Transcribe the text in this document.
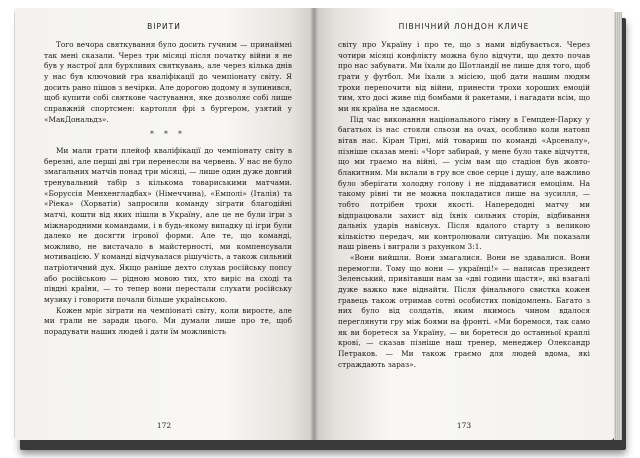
ВІРИТИ

Того вечора святкування було досить гучним — принаймні так мені сказали. Через три місяці після початку війни я не був у настрої для бурхливих святкувань, але через кілька днів у нас був ключовий гра кваліфікації до чемпіонату світу. Я досить рано пішов з вечірки. Але дорогою додому я зупинився, щоб купити собі святкове частування, яке дозволяє собі лише справжній спортсмен: картопля фрі з бургером, узятий у «МакДональдз».

* * *

Ми мали грати плейоф кваліфікації до чемпіонату світу в березні, але перші дві гри перенесли на червень. У нас не було змагальних матчів понад три місяці, — лише один дуже довгий тренувальний табір з кількома товариськими матчами. «Боруссія Менхенгладбах» (Німеччина), «Емполі» (Італія) та «Ріека» (Хорватія) запросили команду зіграти благодійні матчі, кошти від яких пішли в Україну, але це не були ігри з міжнародними командами, і в будь-якому випадку ці ігри були далеко не досягти ігрової форми. Але те, що команді, можливо, не вистачало в майстерності, ми компенсували мотивацією. У команді відчувалася рішучість, а також сильний патріотичний дух. Якщо раніше дехто слухав російську попсу або російською — рідною мовою тих, хто виріс на сході та півдні країни, — то тепер вони перестали слухати російську музику і говорити почали більше українською.

Кожен мріє зіграти на чемпіонаті світу, коли виросте, але ми грали не заради цього. Ми думали лише про те, щоб порадувати наших людей і дати їм можливість

172
ПІВНІЧНИЙ ЛОНДОН КЛИЧЕ

світу про Україну і про те, що з нами відбувається. Через чотири місяці конфлікту можна було відчути, що дехто почав про нас забувати. Ми їхали до Шотландії не лише для того, щоб грати у футбол. Ми їхали з місією, щоб дати нашим людям трохи перепочити від війни, принести трохи хороших емоцій тим, хто досі живе під бомбами й ракетами, і нагадати всім, що ми як країна не здаємося.

Під час виконання національного гімну в Гемпден-Парку у багатьох із нас стояли сльози на очах, особливо коли натовп вітав нас. Кіран Тірні, мій товариш по команді «Арсеналу», пізніше сказав мені: «Чорт забирай, у мене було таке відчуття, що ми граємо на війні, — усім вам що стадіон був жовто-блакитним. Ми вклали в гру все свое серце і душу, але важливо було зберігати холодну голову і не піддаватися емоціям. На такому рівні ти не можна покладатися лише на зусилля, — тобто потрібен трохи якості. Напередодні матчу ми відпрацювали захист від їхніх сильних сторін, відбивання дальніх ударів навіснух. Після вдалого старту з великою кількістю передач, ми контролювали ситуацію. Ми показали наш рівень і виграли з рахунком 3:1.

«Вони вийшли. Вони змагалися. Вони не здавалися. Вони перемогли. Тому що вони — українці!» — написав президент Зеленський, привітавши нам за «дві години щастя», які взагалі дуже важко вже віднайти. Після фінального свистка кожен гравець також отримав сотні особистих повідомлень. Багато з них було від солдатів, яким якимось чином вдалося переглянути гру між боями на фронті. «Ми боремося, так само як ви боретеся за Україну, — ви боретеся до останньої краплі крові, — сказав пізніше наш тренер, менеджер Олександр Петраков. — Ми також граємо для людей вдома, які страждають зараз».

173
